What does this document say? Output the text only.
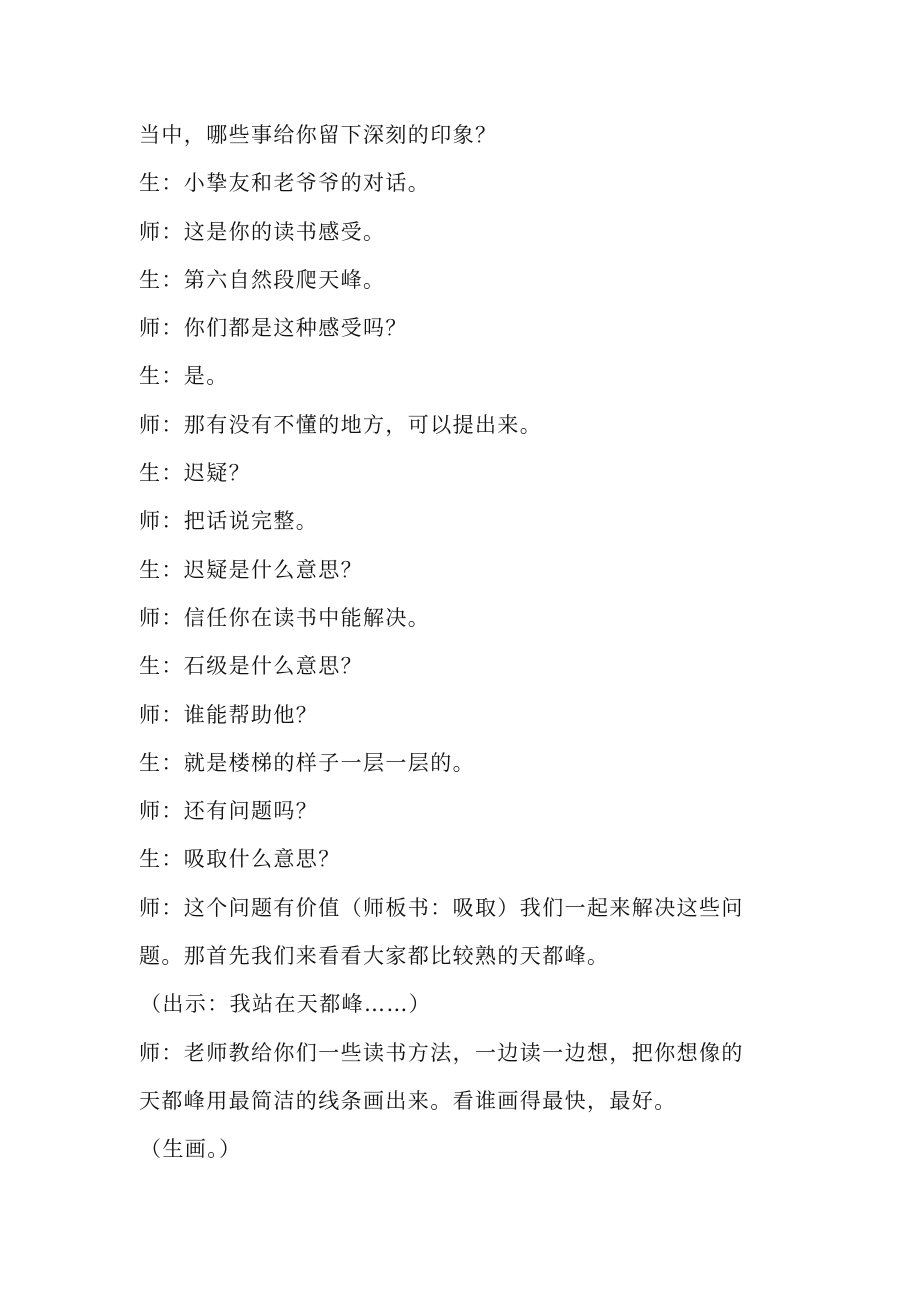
当中，哪些事给你留下深刻的印象？
生：小挚友和老爷爷的对话。
师：这是你的读书感受。
生：第六自然段爬天峰。
师：你们都是这种感受吗？
生：是。
师：那有没有不懂的地方，可以提出来。
生：迟疑？
师：把话说完整。
生：迟疑是什么意思？
师：信任你在读书中能解决。
生：石级是什么意思？
师：谁能帮助他？
生：就是楼梯的样子一层一层的。
师：还有问题吗？
生：吸取什么意思？
师：这个问题有价值（师板书：吸取）我们一起来解决这些问
题。那首先我们来看看大家都比较熟的天都峰。
（出示：我站在天都峰……）
师：老师教给你们一些读书方法，一边读一边想，把你想像的
天都峰用最简洁的线条画出来。看谁画得最快，最好。
（生画。）
